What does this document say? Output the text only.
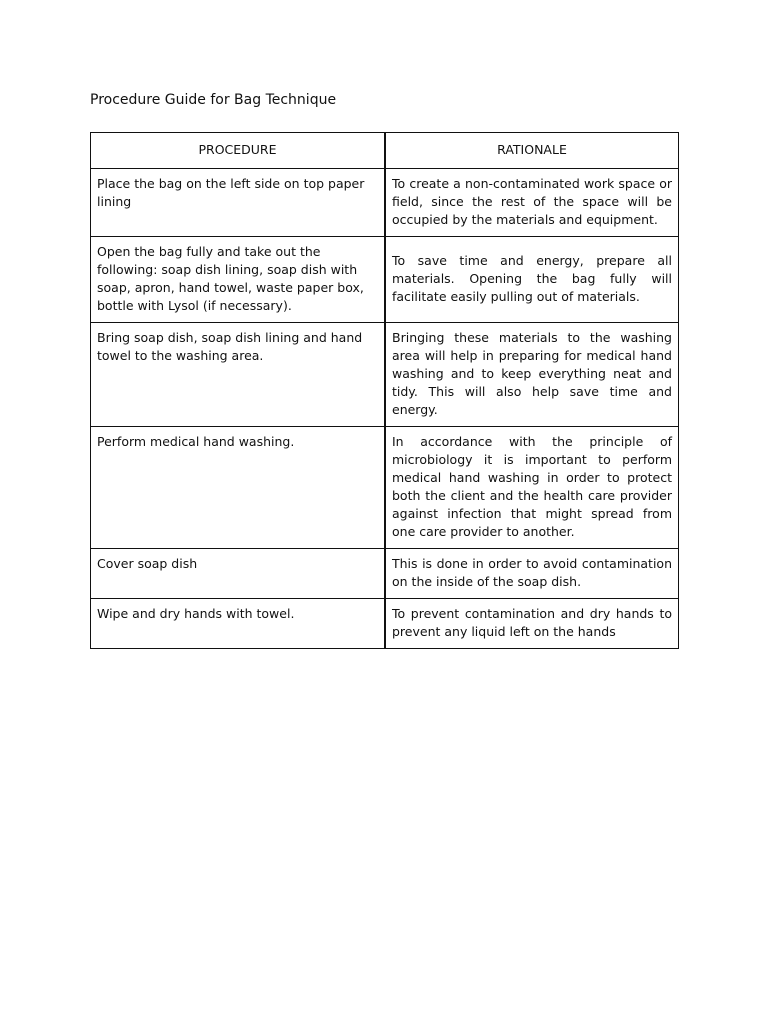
Procedure Guide for Bag Technique
PROCEDURE	RATIONALE
Place the bag on the left side on top paper lining	To create a non-contaminated work space or field, since the rest of the space will be occupied by the materials and equipment.
Open the bag fully and take out the following: soap dish lining, soap dish with soap, apron, hand towel, waste paper box, bottle with Lysol (if necessary).	To save time and energy, prepare all materials. Opening the bag fully will facilitate easily pulling out of materials.
Bring soap dish, soap dish lining and hand towel to the washing area.	Bringing these materials to the washing area will help in preparing for medical hand washing and to keep everything neat and tidy. This will also help save time and energy.
Perform medical hand washing.	In accordance with the principle of microbiology it is important to perform medical hand washing in order to protect both the client and the health care provider against infection that might spread from one care provider to another.
Cover soap dish	This is done in order to avoid contamination on the inside of the soap dish.
Wipe and dry hands with towel.	To prevent contamination and dry hands to prevent any liquid left on the hands
